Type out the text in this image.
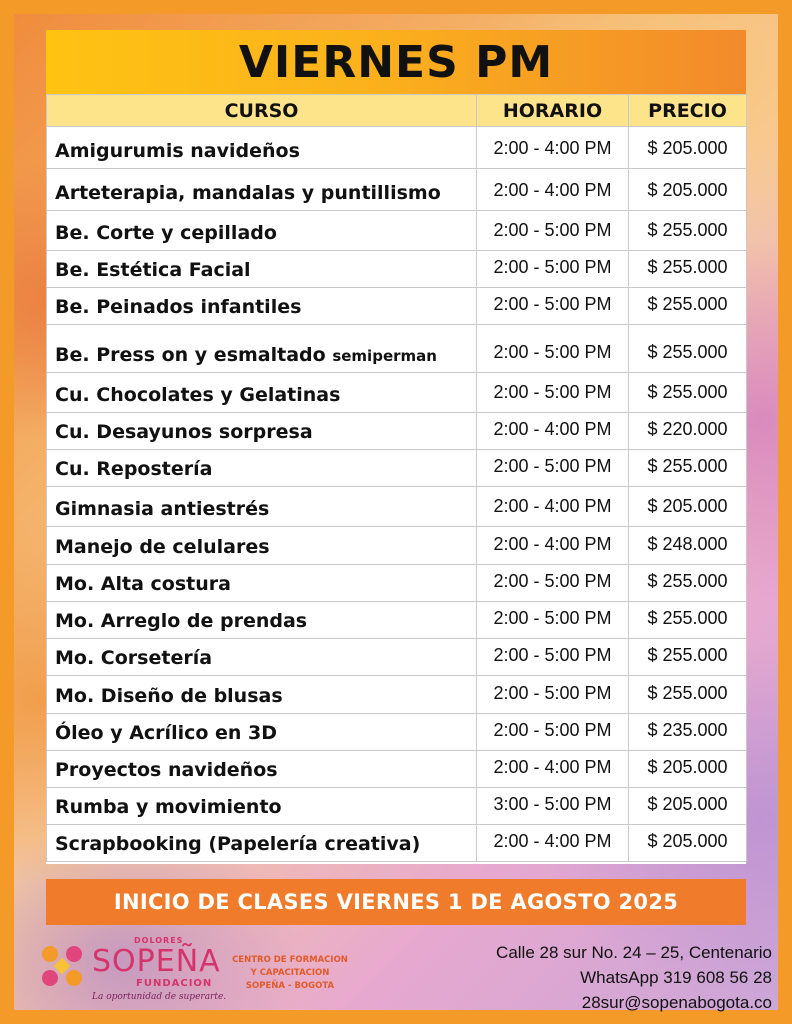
VIERNES PM
CURSO	HORARIO	PRECIO
Amigurumis navideños	2:00 - 4:00 PM	$ 205.000
Arteterapia, mandalas y puntillismo	2:00 - 4:00 PM	$ 205.000
Be. Corte y cepillado	2:00 - 5:00 PM	$ 255.000
Be. Estética Facial	2:00 - 5:00 PM	$ 255.000
Be. Peinados infantiles	2:00 - 5:00 PM	$ 255.000
Be. Press on y esmaltado semiperman	2:00 - 5:00 PM	$ 255.000
Cu. Chocolates y Gelatinas	2:00 - 5:00 PM	$ 255.000
Cu. Desayunos sorpresa	2:00 - 4:00 PM	$ 220.000
Cu. Repostería	2:00 - 5:00 PM	$ 255.000
Gimnasia antiestrés	2:00 - 4:00 PM	$ 205.000
Manejo de celulares	2:00 - 4:00 PM	$ 248.000
Mo. Alta costura	2:00 - 5:00 PM	$ 255.000
Mo. Arreglo de prendas	2:00 - 5:00 PM	$ 255.000
Mo. Corsetería	2:00 - 5:00 PM	$ 255.000
Mo. Diseño de blusas	2:00 - 5:00 PM	$ 255.000
Óleo y Acrílico en 3D	2:00 - 5:00 PM	$ 235.000
Proyectos navideños	2:00 - 4:00 PM	$ 205.000
Rumba y movimiento	3:00 - 5:00 PM	$ 205.000
Scrapbooking (Papelería creativa)	2:00 - 4:00 PM	$ 205.000
INICIO DE CLASES VIERNES 1 DE AGOSTO 2025
DOLORES
SOPEÑA
FUNDACION
La oportunidad de superarte.
CENTRO DE FORMACION
Y CAPACITACION
SOPEÑA - BOGOTA
Calle 28 sur No. 24 – 25, Centenario
WhatsApp 319 608 56 28
28sur@sopenabogota.co
